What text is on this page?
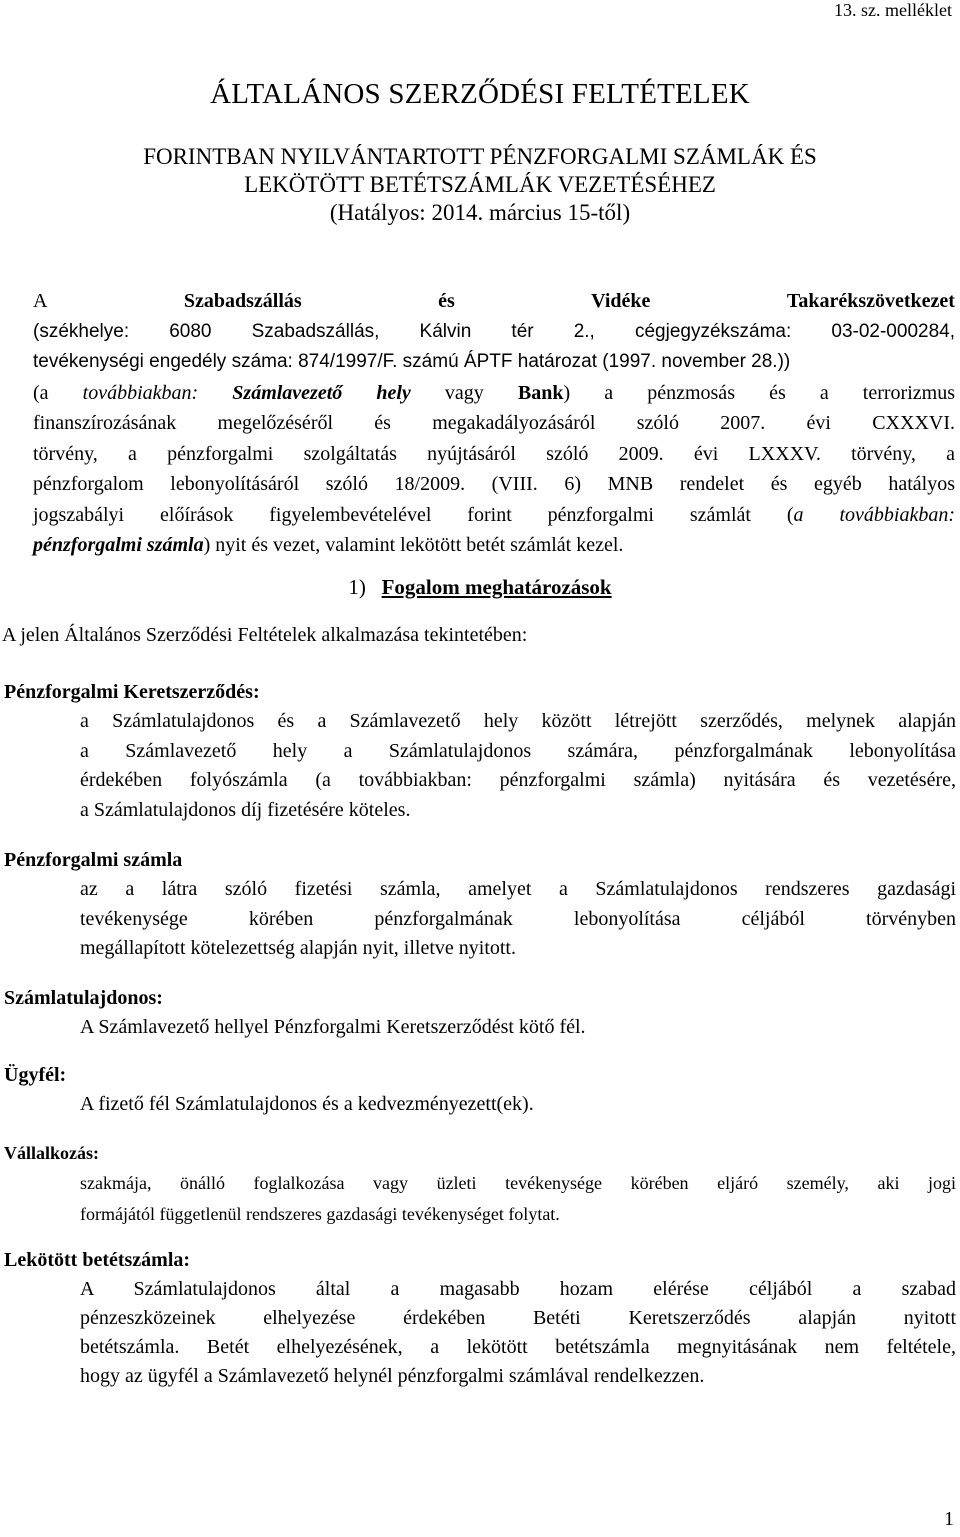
13. sz. melléklet
ÁLTALÁNOS SZERZŐDÉSI FELTÉTELEK
FORINTBAN NYILVÁNTARTOTT PÉNZFORGALMI SZÁMLÁK ÉS
LEKÖTÖTT BETÉTSZÁMLÁK VEZETÉSÉHEZ
(Hatályos: 2014. március 15-től)
A	Szabadszállás	és	Vidéke	Takarékszövetkezet
(székhelye: 6080 Szabadszállás, Kálvin tér 2., cégjegyzékszáma: 03-02-000284,
tevékenységi engedély száma: 874/1997/F. számú ÁPTF határozat (1997. november 28.))
(a továbbiakban: Számlavezető hely vagy Bank) a pénzmosás és a terrorizmus
finanszírozásának megelőzéséről és megakadályozásáról szóló 2007. évi CXXXVI.
törvény, a pénzforgalmi szolgáltatás nyújtásáról szóló 2009. évi LXXXV. törvény, a
pénzforgalom lebonyolításáról szóló 18/2009. (VIII. 6) MNB rendelet és egyéb hatályos
jogszabályi előírások figyelembevételével forint pénzforgalmi számlát (a továbbiakban:
pénzforgalmi számla) nyit és vezet, valamint lekötött betét számlát kezel.
1) Fogalom meghatározások
A jelen Általános Szerződési Feltételek alkalmazása tekintetében:
Pénzforgalmi Keretszerződés:
a Számlatulajdonos és a Számlavezető hely között létrejött szerződés, melynek alapján
a Számlavezető hely a Számlatulajdonos számára, pénzforgalmának lebonyolítása
érdekében folyószámla (a továbbiakban: pénzforgalmi számla) nyitására és vezetésére,
a Számlatulajdonos díj fizetésére köteles.
Pénzforgalmi számla
az a látra szóló fizetési számla, amelyet a Számlatulajdonos rendszeres gazdasági
tevékenysége körében pénzforgalmának lebonyolítása céljából törvényben
megállapított kötelezettség alapján nyit, illetve nyitott.
Számlatulajdonos:
A Számlavezető hellyel Pénzforgalmi Keretszerződést kötő fél.
Ügyfél:
A fizető fél Számlatulajdonos és a kedvezményezett(ek).
Vállalkozás:
szakmája, önálló foglalkozása vagy üzleti tevékenysége körében eljáró személy, aki jogi
formájától függetlenül rendszeres gazdasági tevékenységet folytat.
Lekötött betétszámla:
A Számlatulajdonos által a magasabb hozam elérése céljából a szabad
pénzeszközeinek elhelyezése érdekében Betéti Keretszerződés alapján nyitott
betétszámla. Betét elhelyezésének, a lekötött betétszámla megnyitásának nem feltétele,
hogy az ügyfél a Számlavezető helynél pénzforgalmi számlával rendelkezzen.
1
